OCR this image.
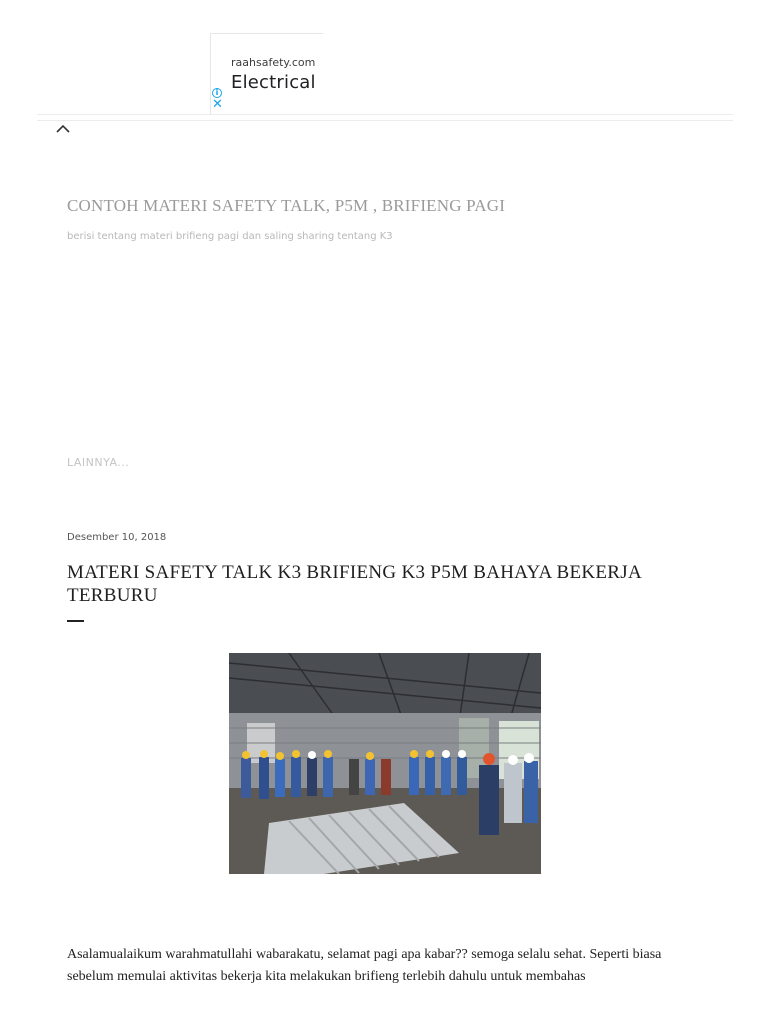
raahsafety.com
Electrical
i
✕
CONTOH MATERI SAFETY TALK, P5M , BRIFIENG PAGI
berisi tentang materi brifieng pagi dan saling sharing tentang K3
LAINNYA...
Desember 10, 2018
MATERI SAFETY TALK K3 BRIFIENG K3 P5M BAHAYA BEKERJA TERBURU

Asalamualaikum warahmatullahi wabarakatu, selamat pagi apa kabar?? semoga selalu sehat. Seperti biasa sebelum memulai aktivitas bekerja kita melakukan brifieng terlebih dahulu untuk membahas
